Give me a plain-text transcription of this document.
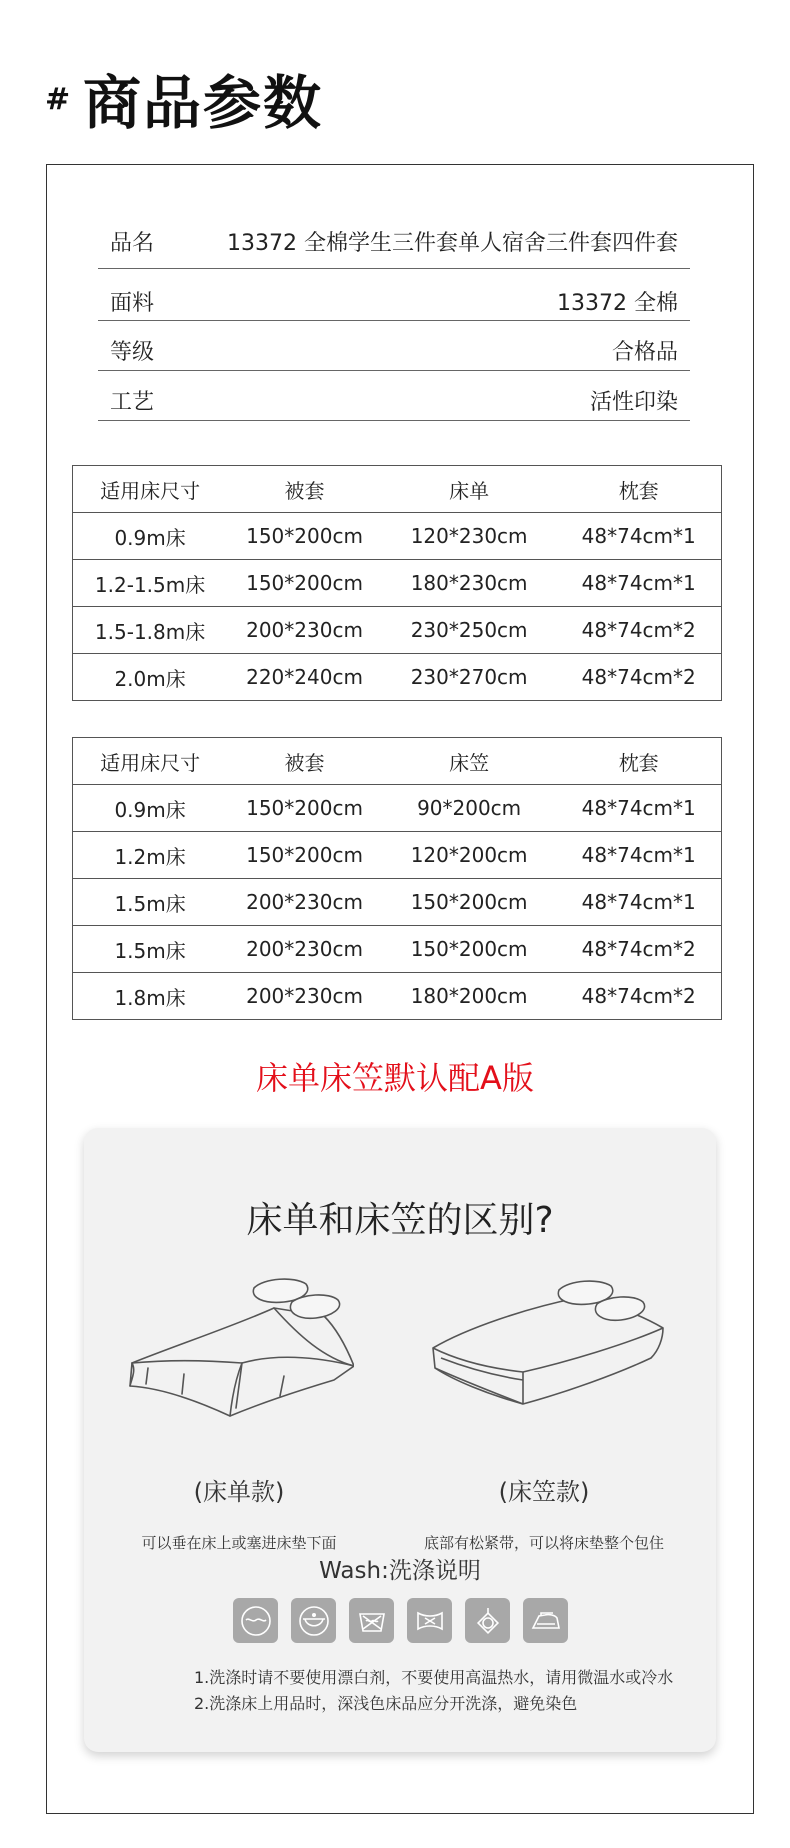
# 商品参数
品名	13372 全棉学生三件套单人宿舍三件套四件套
面料	13372 全棉
等级	合格品
工艺	活性印染
适用床尺寸	被套	床单	枕套
0.9m床	150*200cm	120*230cm	48*74cm*1
1.2-1.5m床	150*200cm	180*230cm	48*74cm*1
1.5-1.8m床	200*230cm	230*250cm	48*74cm*2
2.0m床	220*240cm	230*270cm	48*74cm*2
适用床尺寸	被套	床笠	枕套
0.9m床	150*200cm	90*200cm	48*74cm*1
1.2m床	150*200cm	120*200cm	48*74cm*1
1.5m床	200*230cm	150*200cm	48*74cm*1
1.5m床	200*230cm	150*200cm	48*74cm*2
1.8m床	200*230cm	180*200cm	48*74cm*2
床单床笠默认配A版
床单和床笠的区别?
(床单款)
可以垂在床上或塞进床垫下面
(床笠款)
底部有松紧带，可以将床垫整个包住
Wash:洗涤说明
1.洗涤时请不要使用漂白剂，不要使用高温热水，请用微温水或冷水
2.洗涤床上用品时，深浅色床品应分开洗涤，避免染色
